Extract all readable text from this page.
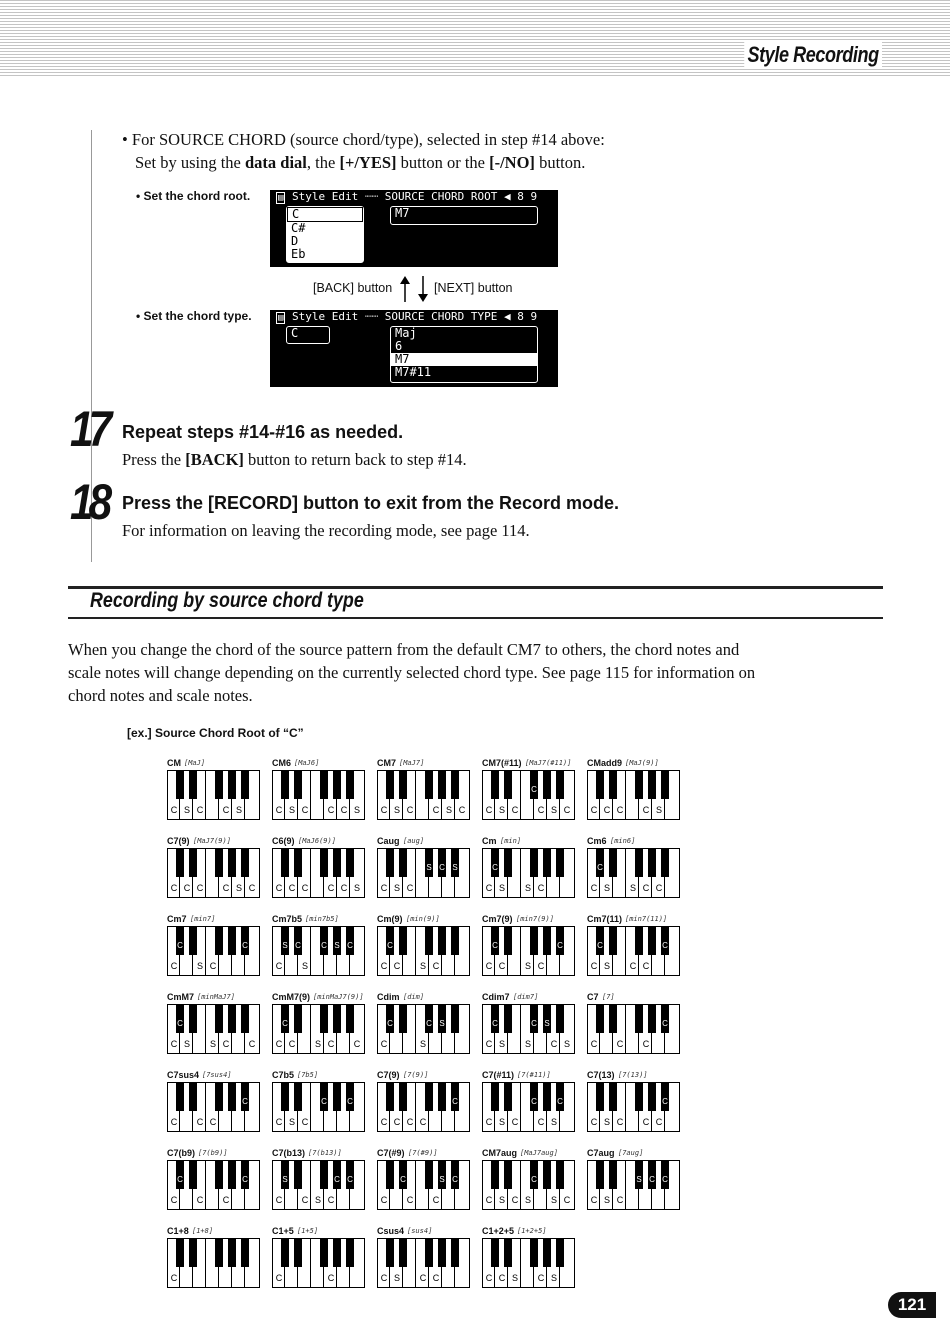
Style Recording
• For SOURCE CHORD (source chord/type), selected in step #14 above:
Set by using the data dial, the [+/YES] button or the [-/NO] button.
• Set the chord root.	▤ Style Edit ┈┈ SOURCE CHORD ROOT ◀ 8 9
C
C#
D
Eb
M7
[BACK] button	[NEXT] button
• Set the chord type.	▤ Style Edit ┈┈ SOURCE CHORD TYPE ◀ 8 9
C	Maj
6
M7
M7#11
17 Repeat steps #14-#16 as needed.
Press the [BACK] button to return back to step #14.
18 Press the [RECORD] button to exit from the Record mode.
For information on leaving the recording mode, see page 114.
Recording by source chord type
When you change the chord of the source pattern from the default CM7 to others, the chord notes and scale notes will change depending on the currently selected chord type. See page 115 for information on chord notes and scale notes.
[ex.] Source Chord Root of “C”
CM [MaJ]
C S C	C S
CM6 [MaJ6]
C S C	C C S
CM7 [MaJ7]
C S C	C S C
CM7(#11) [MaJ7(#11)]
C S C	C S C
C
CMadd9 [MaJ(9)]
C C C	C S
C7(9) [MaJ7(9)]
C C C	C S C
C6(9) [MaJ6(9)]
C C C	C C S
Caug [aug]
C S C
S C S
Cm [min]
C S	S C
C
Cm6 [min6]
C S	S C C
C
Cm7 [min7]
C	S C
C	C
Cm7b5 [min7b5]
C	S
S C	C S C
Cm(9) [min(9)]
C C	S C
C
Cm7(9) [min7(9)]
C C	S C
C	C
Cm7(11) [min7(11)]
C S	C C
C	C
CmM7 [minMaJ7]
C S	S C	C
C
CmM7(9) [minMaJ7(9)]
C C	S C	C
C
Cdim [dim]
C	S
C	C S
Cdim7 [dim7]
C S	S	C S
C	C S
C7 [7]
C	C	C
C
C7sus4 [7sus4]
C	C C
C
C7b5 [7b5]
C S C
C	C
C7(9) [7(9)]
C C C C
C
C7(#11) [7(#11)]
C S C	C S
C	C
C7(13) [7(13)]
C S C	C C
C
C7(b9) [7(b9)]
C	C	C
C	C
C7(b13) [7(b13)]
C	C S C
S	C C
C7(#9) [7(#9)]
C	C	C
C	S C
CM7aug [MaJ7aug]
C S C S	S C
C
C7aug [7aug]
C S C
S C C
C1+8 [1+8]
C
C1+5 [1+5]
C	C
Csus4 [sus4]
C S	C C
C1+2+5 [1+2+5]
C C S	C S
121
